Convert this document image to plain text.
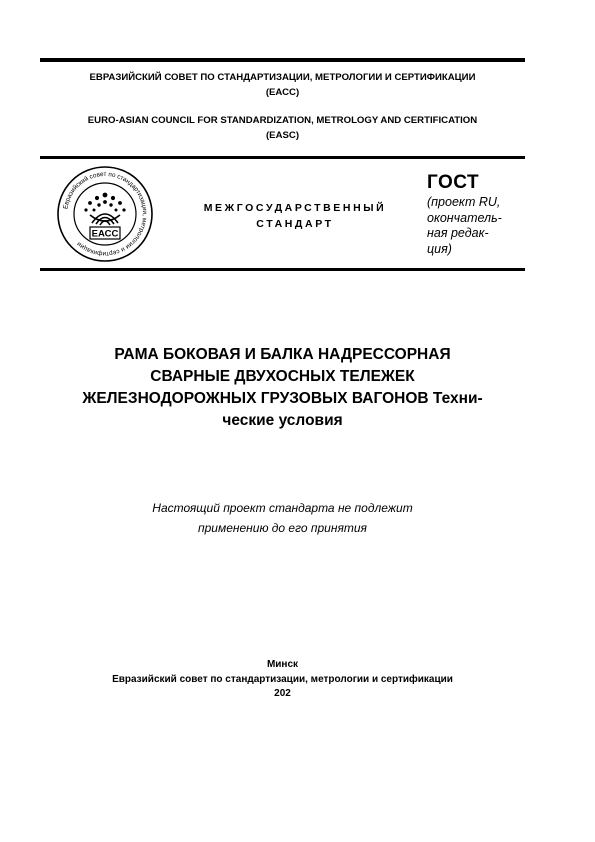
ЕВРАЗИЙСКИЙ СОВЕТ ПО СТАНДАРТИЗАЦИИ, МЕТРОЛОГИИ И СЕРТИФИКАЦИИ
(ЕАСС)
EURO-ASIAN COUNCIL FOR STANDARDIZATION, METROLOGY AND CERTIFICATION
(EASC)
Евразийский совет по стандартизации, метрологии и сертификации
ЕАСС
МЕЖГОСУДАРСТВЕННЫЙ
СТАНДАРТ
ГОСТ
(проект RU,
окончатель-
ная редак-
ция)
РАМА БОКОВАЯ И БАЛКА НАДРЕССОРНАЯ
СВАРНЫЕ ДВУХОСНЫХ ТЕЛЕЖЕК
ЖЕЛЕЗНОДОРОЖНЫХ ГРУЗОВЫХ ВАГОНОВ Техни-
ческие условия
Настоящий проект стандарта не подлежит
применению до его принятия
Минск
Евразийский совет по стандартизации, метрологии и сертификации
202
